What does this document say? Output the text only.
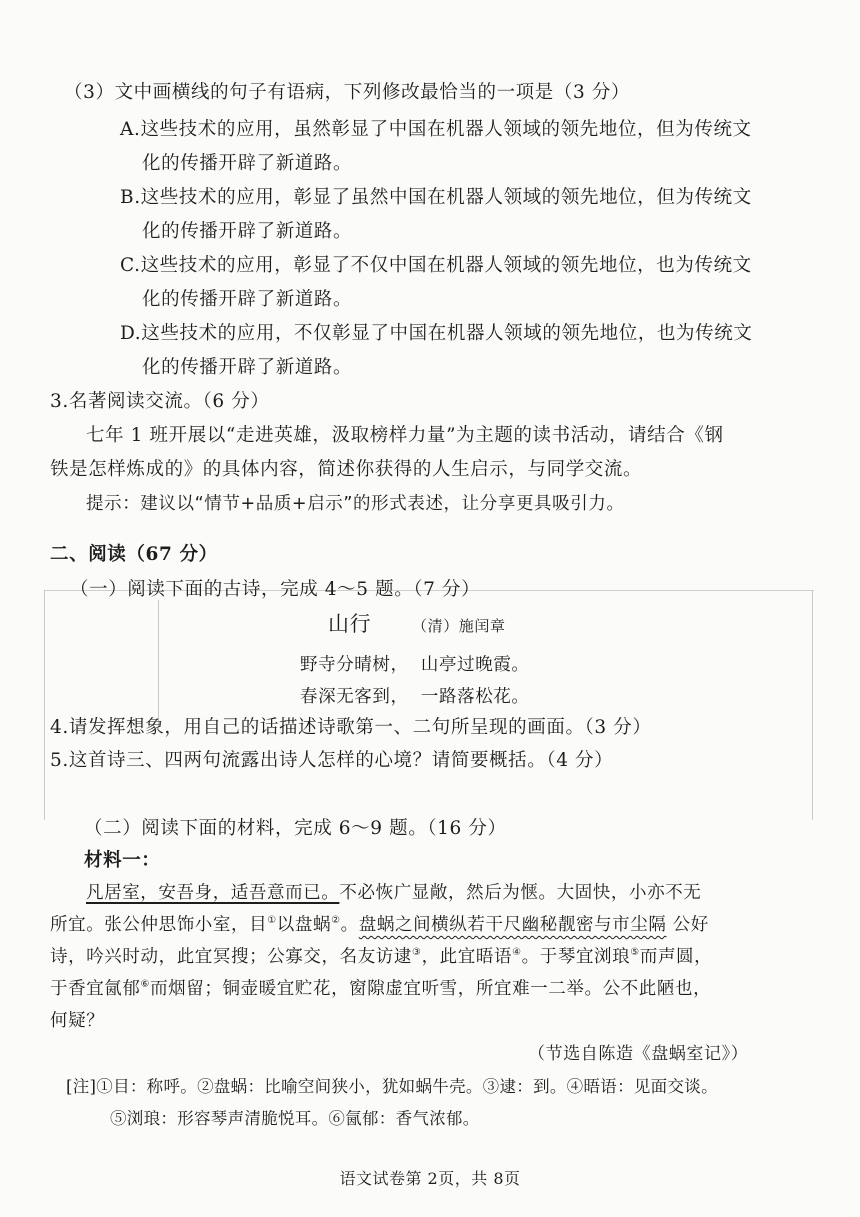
（3）文中画横线的句子有语病，下列修改最恰当的一项是（3 分）
A.这些技术的应用，虽然彰显了中国在机器人领域的领先地位，但为传统文
化的传播开辟了新道路。
B.这些技术的应用，彰显了虽然中国在机器人领域的领先地位，但为传统文
化的传播开辟了新道路。
C.这些技术的应用，彰显了不仅中国在机器人领域的领先地位，也为传统文
化的传播开辟了新道路。
D.这些技术的应用，不仅彰显了中国在机器人领域的领先地位，也为传统文
化的传播开辟了新道路。
3.名著阅读交流。（6 分）
七年 1 班开展以“走进英雄，汲取榜样力量”为主题的读书活动，请结合《钢
铁是怎样炼成的》的具体内容，简述你获得的人生启示，与同学交流。
提示：建议以“情节+品质+启示”的形式表述，让分享更具吸引力。
二、阅读（67 分）
（一）阅读下面的古诗，完成 4～5 题。（7 分）
山行	（清）施闰章
野寺分晴树，  山亭过晚霞。
春深无客到，  一路落松花。
4.请发挥想象，用自己的话描述诗歌第一、二句所呈现的画面。（3 分）
5.这首诗三、四两句流露出诗人怎样的心境？请简要概括。（4 分）
（二）阅读下面的材料，完成 6～9 题。（16 分）
材料一：
凡居室，安吾身，适吾意而已。不必恢广显敞，然后为惬。大固快，小亦不无
所宜。张公仲思饰小室，目①以盘蜗②。盘蜗之间横纵若干尺幽秘靓密与市尘隔 公好
诗，吟兴时动，此宜冥搜；公寡交，名友访逮③，此宜晤语④。于琴宜浏琅⑤而声圆，
于香宜氤郁⑥而烟留；铜壶暖宜贮花，窗隙虚宜听雪，所宜难一二举。公不此陋也，
何疑？
（节选自陈造《盘蜗室记》）
[注]①目：称呼。②盘蜗：比喻空间狭小，犹如蜗牛壳。③逮：到。④晤语：见面交谈。
⑤浏琅：形容琴声清脆悦耳。⑥氤郁：香气浓郁。
语文试卷第 2页，共 8页
